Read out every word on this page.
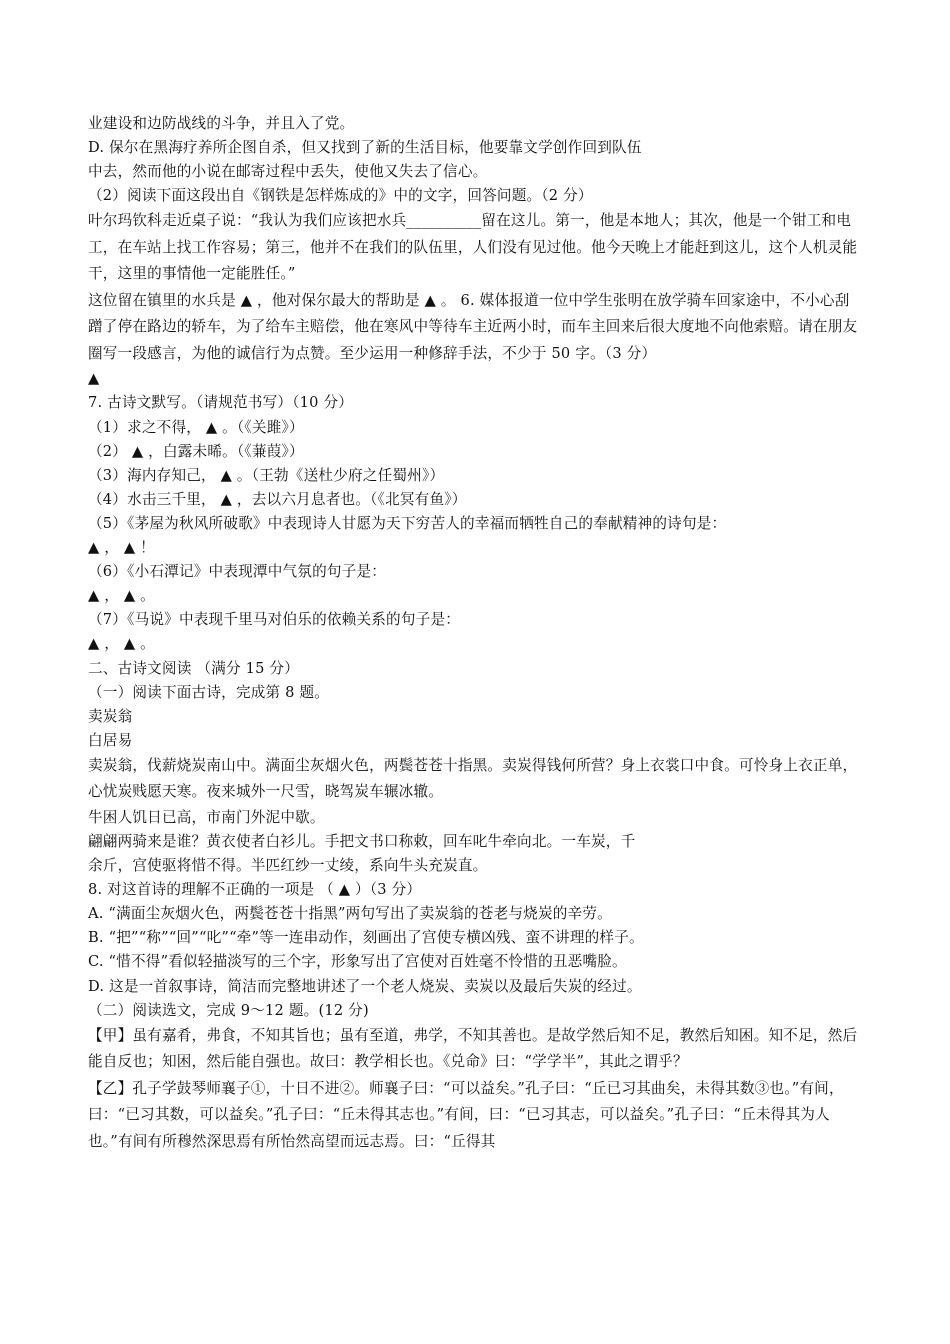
业建设和边防战线的斗争，并且入了党。

D. 保尔在黑海疗养所企图自杀，但又找到了新的生活目标，他要靠文学创作回到队伍

中去，然而他的小说在邮寄过程中丢失，使他又失去了信心。

（2）阅读下面这段出自《钢铁是怎样炼成的》中的文字，回答问题。（2 分）

叶尔玛钦科走近桌子说：“我认为我们应该把水兵__________留在这儿。第一，他是本地人；其次，他是一个钳工和电工，在车站上找工作容易；第三，他并不在我们的队伍里，人们没有见过他。他今天晚上才能赶到这儿，这个人机灵能干，这里的事情他一定能胜任。”

这位留在镇里的水兵是 ▲ ，他对保尔最大的帮助是 ▲ 。 6. 媒体报道一位中学生张明在放学骑车回家途中，不小心刮蹭了停在路边的轿车，为了给车主赔偿，他在寒风中等待车主近两小时，而车主回来后很大度地不向他索赔。请在朋友圈写一段感言，为他的诚信行为点赞。至少运用一种修辞手法，不少于 50 字。（3 分）

▲

7. 古诗文默写。（请规范书写）（10 分）

（1）求之不得， ▲ 。（《关雎》）

（2） ▲ ，白露未晞。（《蒹葭》）

（3）海内存知己， ▲ 。（王勃《送杜少府之任蜀州》）

（4）水击三千里， ▲ ，去以六月息者也。（《北冥有鱼》）

（5）《茅屋为秋风所破歌》中表现诗人甘愿为天下穷苦人的幸福而牺牲自己的奉献精神的诗句是：

▲ ， ▲ ！

（6）《小石潭记》中表现潭中气氛的句子是：

▲ ， ▲ 。

（7）《马说》中表现千里马对伯乐的依赖关系的句子是：

▲ ， ▲ 。

二、古诗文阅读 （满分 15 分）

（一）阅读下面古诗，完成第 8 题。

卖炭翁

白居易

卖炭翁，伐薪烧炭南山中。满面尘灰烟火色，两鬓苍苍十指黑。卖炭得钱何所营？身上衣裳口中食。可怜身上衣正单，心忧炭贱愿天寒。夜来城外一尺雪，晓驾炭车辗冰辙。

牛困人饥日已高，市南门外泥中歇。

翩翩两骑来是谁？黄衣使者白衫儿。手把文书口称敕，回车叱牛牵向北。一车炭，千

余斤，宫使驱将惜不得。半匹红纱一丈绫，系向牛头充炭直。

8. 对这首诗的理解不正确的一项是 （ ▲ ）（3 分）

A. “满面尘灰烟火色，两鬓苍苍十指黑”两句写出了卖炭翁的苍老与烧炭的辛劳。

B. “把”“称”“回”“叱”“牵”等一连串动作，刻画出了宫使专横凶残、蛮不讲理的样子。

C. “惜不得”看似轻描淡写的三个字，形象写出了宫使对百姓毫不怜惜的丑恶嘴脸。

D. 这是一首叙事诗，简洁而完整地讲述了一个老人烧炭、卖炭以及最后失炭的经过。

（二）阅读选文，完成 9～12 题。(12 分)

【甲】虽有嘉肴，弗食，不知其旨也；虽有至道，弗学，不知其善也。是故学然后知不足，教然后知困。知不足，然后能自反也；知困，然后能自强也。故曰：教学相长也。《兑命》曰：“学学半”，其此之谓乎？

【乙】孔子学鼓琴师襄子①，十日不进②。师襄子曰：“可以益矣。”孔子曰：“丘已习其曲矣，未得其数③也。”有间，曰：“已习其数，可以益矣。”孔子曰：“丘未得其志也。”有间，曰：“已习其志，可以益矣。”孔子曰：“丘未得其为人也。”有间有所穆然深思焉有所怡然高望而远志焉。曰：“丘得其
